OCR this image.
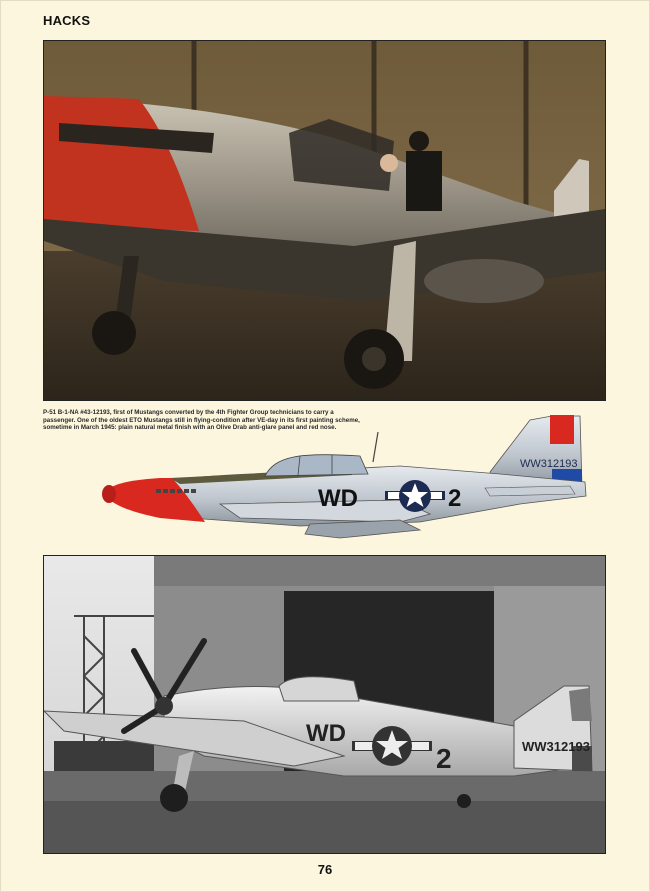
HACKS
P-51 B-1-NA #43-12193, first of Mustangs converted by the 4th Fighter Group technicians to carry a passenger. One of the oldest ETO Mustangs still in flying-condition after VE-day in its first painting scheme, sometime in March 1945: plain natural metal finish with an Olive Drab anti-glare panel and red nose.
WW312193
WD	2
WD
2	WW312193
76
